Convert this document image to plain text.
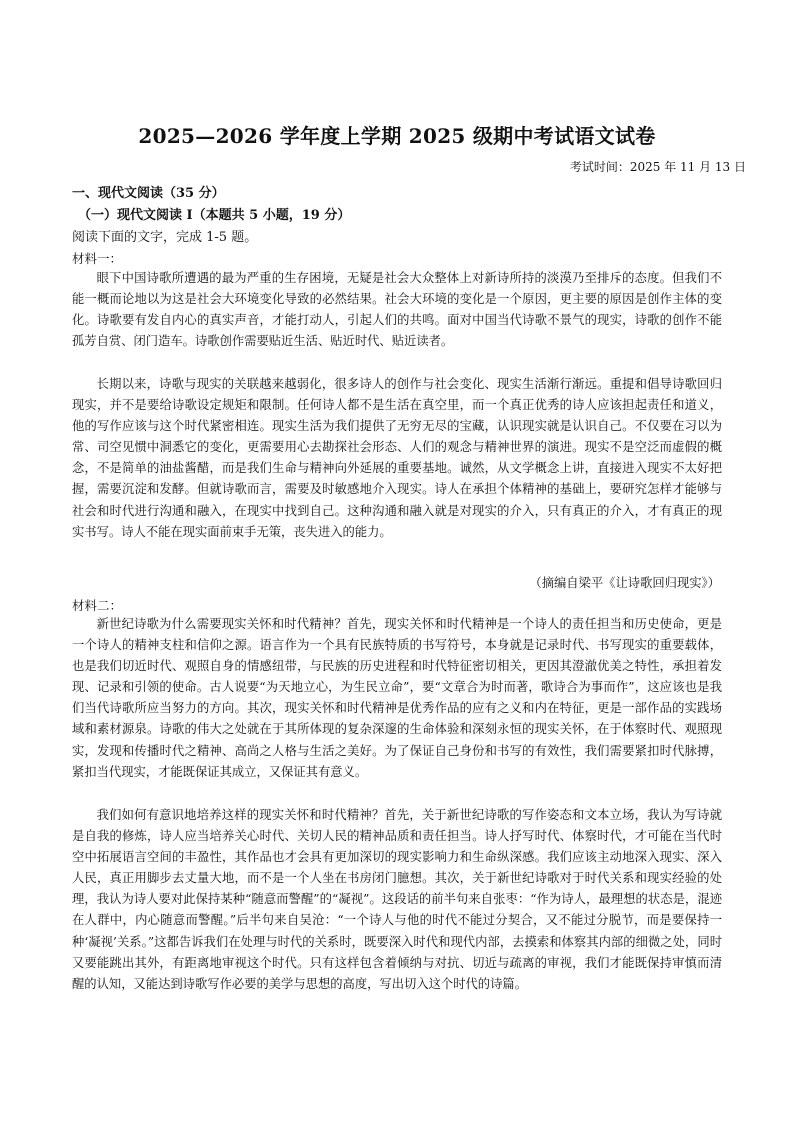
2025—2026 学年度上学期 2025 级期中考试语文试卷
考试时间：2025 年 11 月 13 日
一、现代文阅读（35 分）
（一）现代文阅读 I（本题共 5 小题，19 分）
阅读下面的文字，完成 1-5 题。
材料一：

眼下中国诗歌所遭遇的最为严重的生存困境，无疑是社会大众整体上对新诗所持的淡漠乃至排斥的态度。但我们不能一概而论地以为这是社会大环境变化导致的必然结果。社会大环境的变化是一个原因，更主要的原因是创作主体的变化。诗歌要有发自内心的真实声音，才能打动人，引起人们的共鸣。面对中国当代诗歌不景气的现实，诗歌的创作不能孤芳自赏、闭门造车。诗歌创作需要贴近生活、贴近时代、贴近读者。

长期以来，诗歌与现实的关联越来越弱化，很多诗人的创作与社会变化、现实生活渐行渐远。重提和倡导诗歌回归现实，并不是要给诗歌设定规矩和限制。任何诗人都不是生活在真空里，而一个真正优秀的诗人应该担起责任和道义，他的写作应该与这个时代紧密相连。现实生活为我们提供了无穷无尽的宝藏，认识现实就是认识自己。不仅要在习以为常、司空见惯中洞悉它的变化，更需要用心去勘探社会形态、人们的观念与精神世界的演进。现实不是空泛而虚假的概念，不是简单的油盐酱醋，而是我们生命与精神向外延展的重要基地。诚然，从文学概念上讲，直接进入现实不太好把握，需要沉淀和发酵。但就诗歌而言，需要及时敏感地介入现实。诗人在承担个体精神的基础上，要研究怎样才能够与社会和时代进行沟通和融入，在现实中找到自己。这种沟通和融入就是对现实的介入，只有真正的介入，才有真正的现实书写。诗人不能在现实面前束手无策，丧失进入的能力。

（摘编自梁平《让诗歌回归现实》）
材料二：

新世纪诗歌为什么需要现实关怀和时代精神？首先，现实关怀和时代精神是一个诗人的责任担当和历史使命，更是一个诗人的精神支柱和信仰之源。语言作为一个具有民族特质的书写符号，本身就是记录时代、书写现实的重要载体，也是我们切近时代、观照自身的情感纽带，与民族的历史进程和时代特征密切相关，更因其澄澈优美之特性，承担着发现、记录和引领的使命。古人说要“为天地立心，为生民立命”，要“文章合为时而著，歌诗合为事而作”，这应该也是我们当代诗歌所应当努力的方向。其次，现实关怀和时代精神是优秀作品的应有之义和内在特征，更是一部作品的实践场域和素材源泉。诗歌的伟大之处就在于其所体现的复杂深邃的生命体验和深刻永恒的现实关怀，在于体察时代、观照现实，发现和传播时代之精神、高尚之人格与生活之美好。为了保证自己身份和书写的有效性，我们需要紧扣时代脉搏，紧扣当代现实，才能既保证其成立，又保证其有意义。

我们如何有意识地培养这样的现实关怀和时代精神？首先，关于新世纪诗歌的写作姿态和文本立场，我认为写诗就是自我的修炼，诗人应当培养关心时代、关切人民的精神品质和责任担当。诗人抒写时代、体察时代，才可能在当代时空中拓展语言空间的丰盈性，其作品也才会具有更加深切的现实影响力和生命纵深感。我们应该主动地深入现实、深入人民，真正用脚步去丈量大地，而不是一个人坐在书房闭门臆想。其次，关于新世纪诗歌对于时代关系和现实经验的处理，我认为诗人要对此保持某种“随意而警醒”的“凝视”。这段话的前半句来自张枣：“作为诗人，最理想的状态是，混迹在人群中，内心随意而警醒。”后半句来自吴沧：“一个诗人与他的时代不能过分契合，又不能过分脱节，而是要保持一种‘凝视’关系。”这都告诉我们在处理与时代的关系时，既要深入时代和现代内部，去摸索和体察其内部的细微之处，同时又要能跳出其外，有距离地审视这个时代。只有这样包含着倾纳与对抗、切近与疏离的审视，我们才能既保持审慎而清醒的认知，又能达到诗歌写作必要的美学与思想的高度，写出切入这个时代的诗篇。
